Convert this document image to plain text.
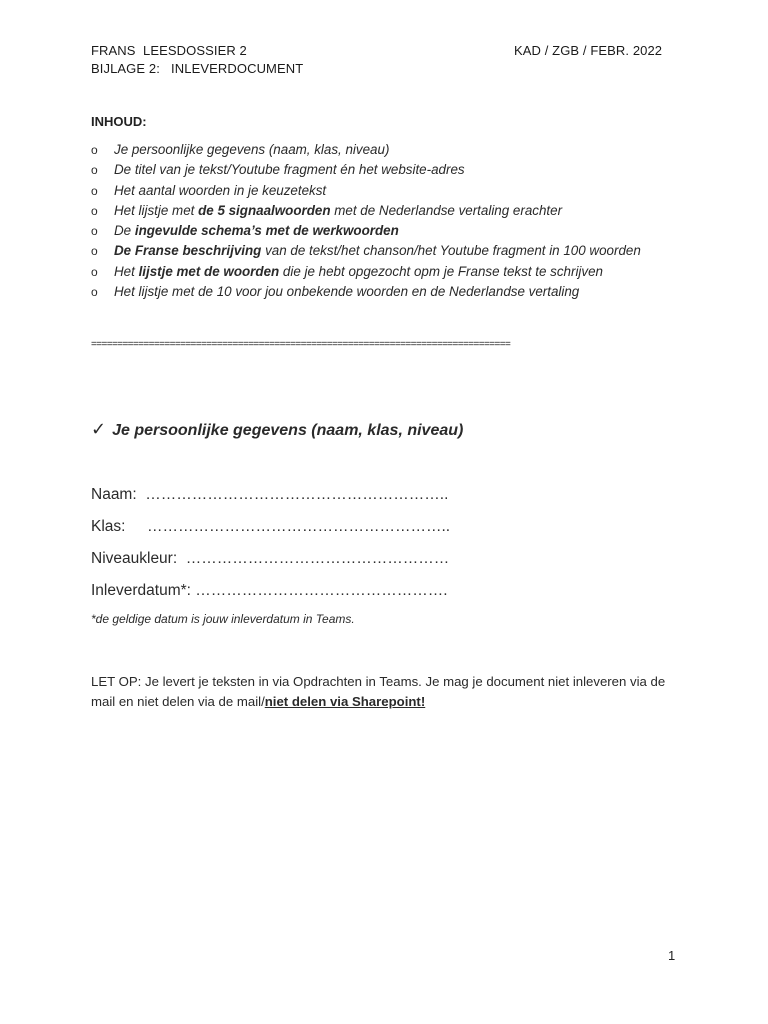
FRANS  LEESDOSSIER 2
BIJLAGE 2:   INLEVERDOCUMENT
KAD / ZGB / FEBR. 2022
INHOUD:
o Je persoonlijke gegevens (naam, klas, niveau)
o De titel van je tekst/Youtube fragment én het website-adres
o Het aantal woorden in je keuzetekst
o Het lijstje met de 5 signaalwoorden met de Nederlandse vertaling erachter
o De ingevulde schema’s met de werkwoorden
o De Franse beschrijving van de tekst/het chanson/het Youtube fragment in 100 woorden
o Het lijstje met de woorden die je hebt opgezocht opm je Franse tekst te schrijven
o Het lijstje met de 10 voor jou onbekende woorden en de Nederlandse vertaling
================================================================================
✓ Je persoonlijke gegevens (naam, klas, niveau)
Naam:  …………………………………………………..
Klas:     …………………………………………………..
Niveaukleur:  ……………………………………………
Inleverdatum*: ………………………………………….
*de geldige datum is jouw inleverdatum in Teams.
LET OP: Je levert je teksten in via Opdrachten in Teams. Je mag je document niet inleveren via de mail en niet delen via de mail/niet delen via Sharepoint!
1
